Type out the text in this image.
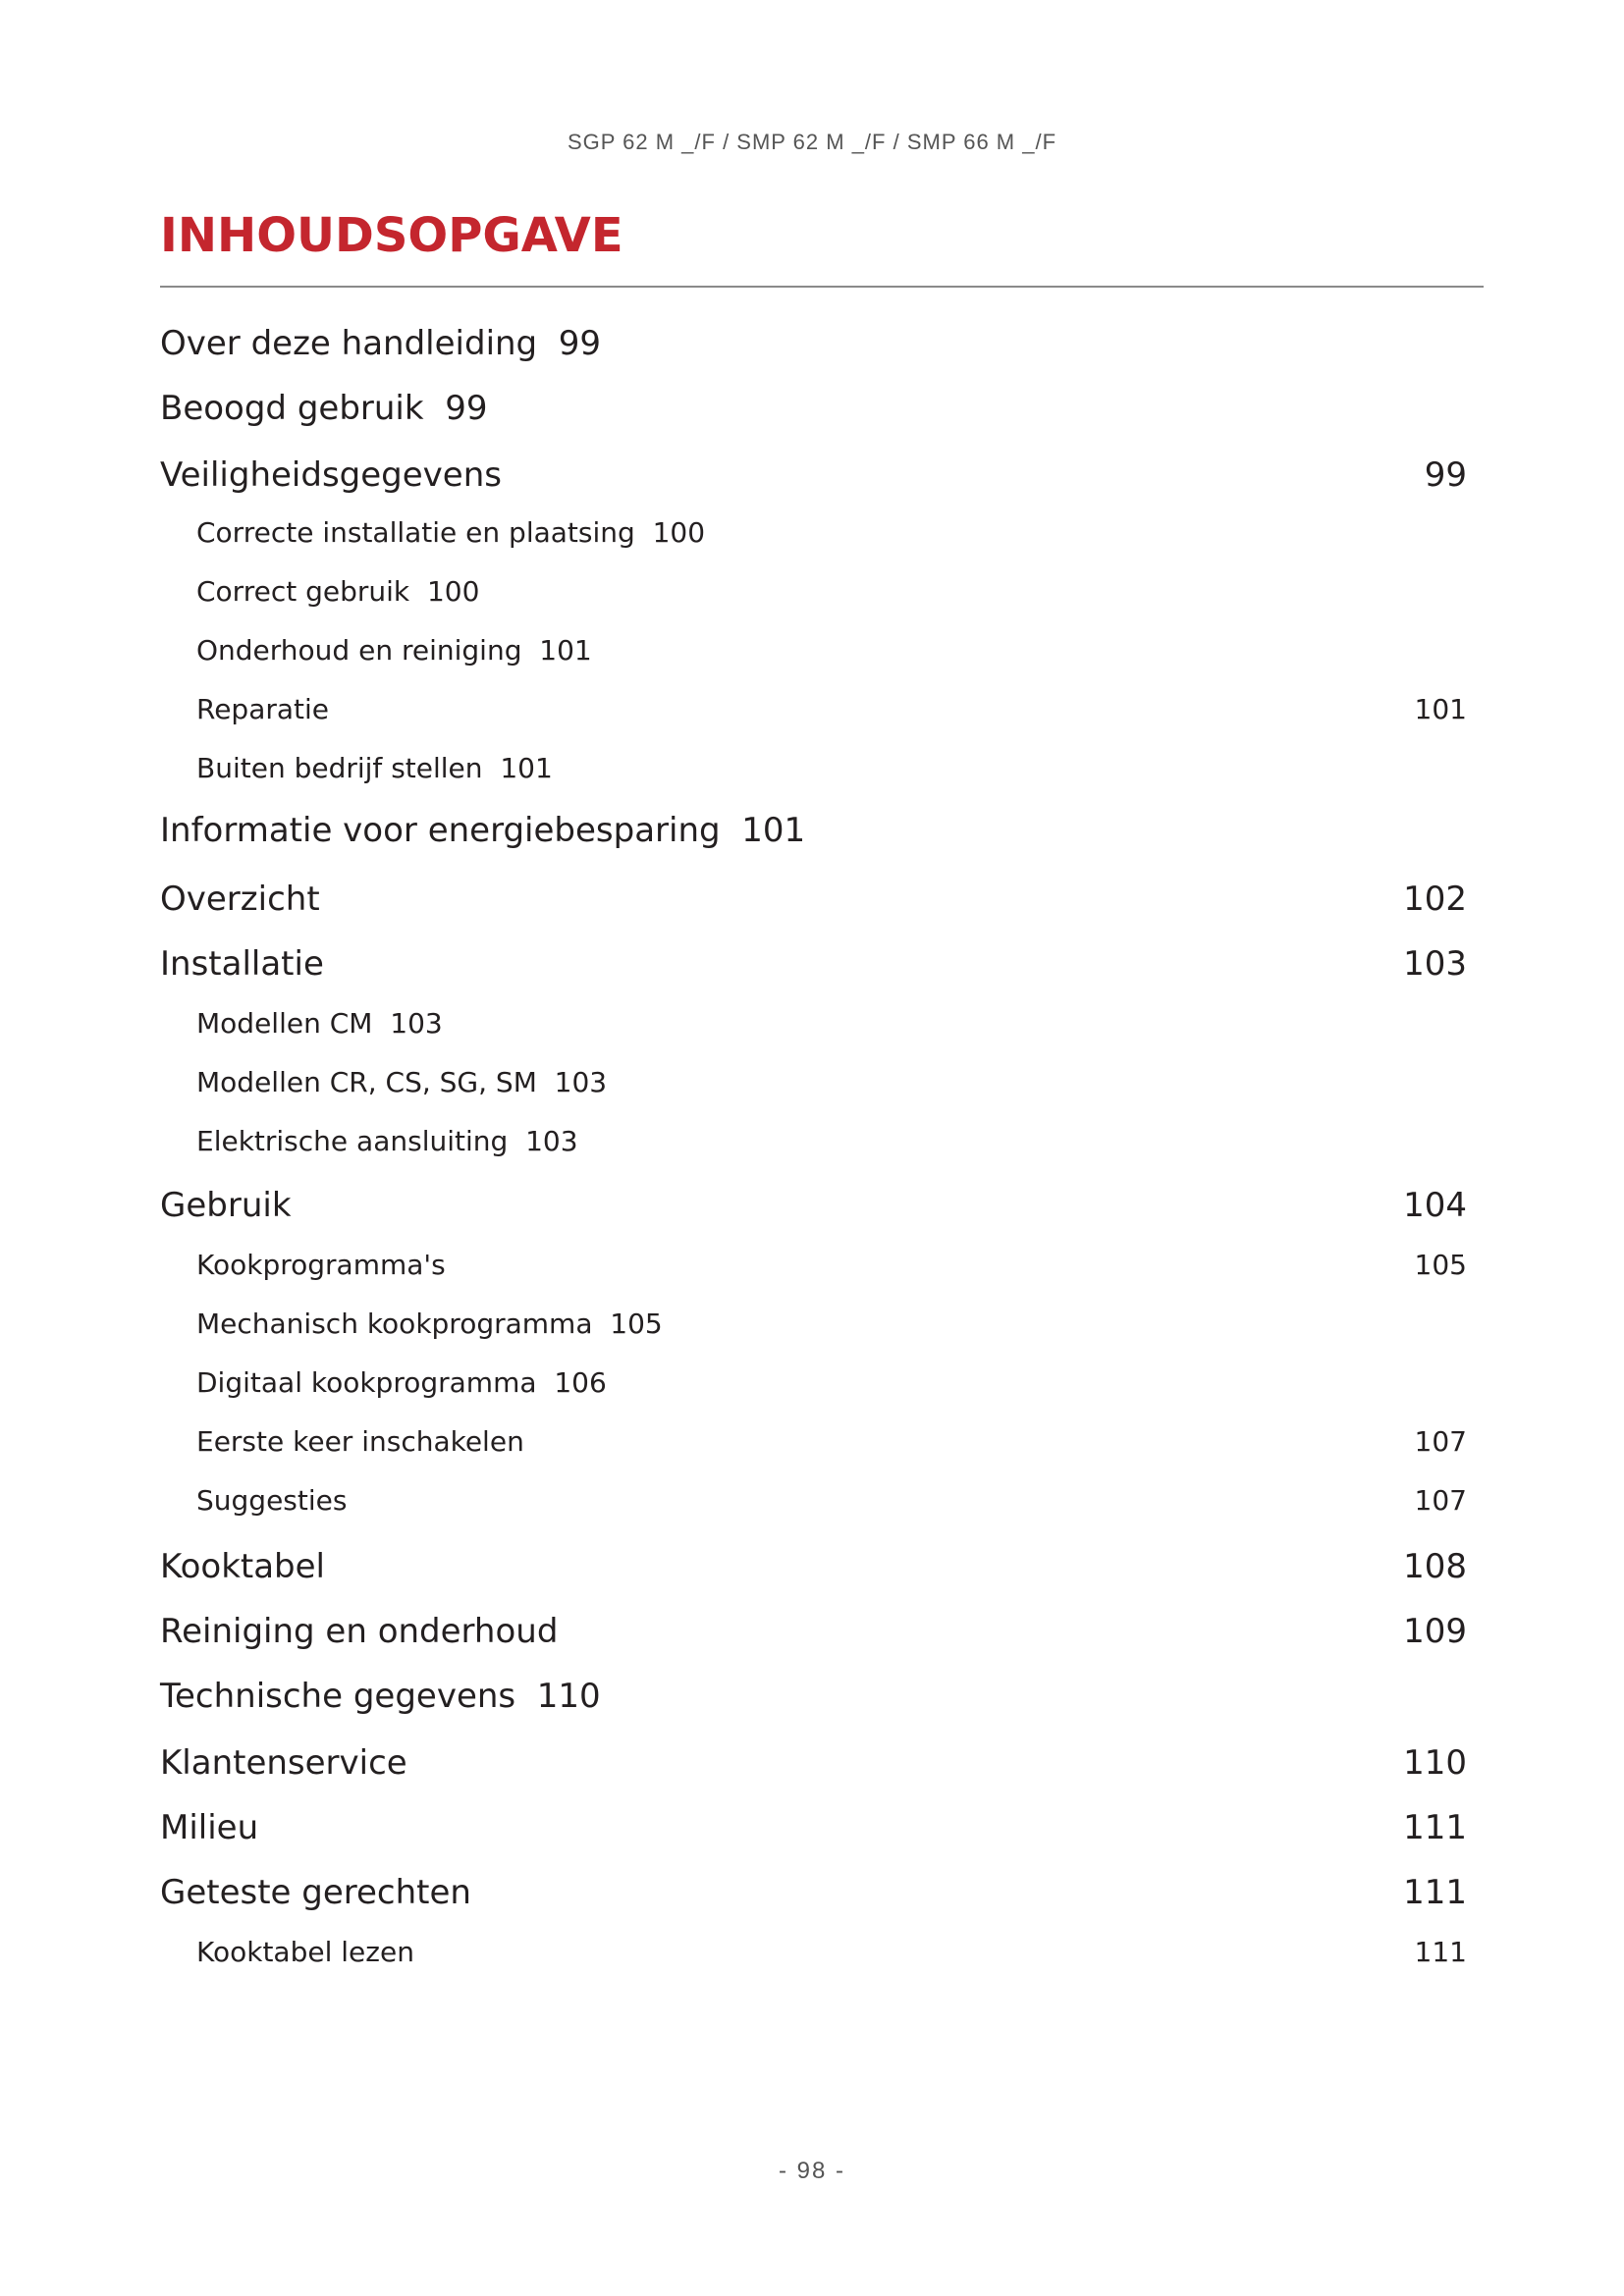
SGP 62 M _/F / SMP 62 M _/F / SMP 66 M _/F
INHOUDSOPGAVE
Over deze handleiding 99
Beoogd gebruik 99
Veiligheidsgegevens	99
Correcte installatie en plaatsing 100
Correct gebruik 100
Onderhoud en reiniging 101
Reparatie	101
Buiten bedrijf stellen 101
Informatie voor energiebesparing 101
Overzicht	102
Installatie	103
Modellen CM 103
Modellen CR, CS, SG, SM 103
Elektrische aansluiting 103
Gebruik	104
Kookprogramma's	105
Mechanisch kookprogramma 105
Digitaal kookprogramma 106
Eerste keer inschakelen	107
Suggesties	107
Kooktabel	108
Reiniging en onderhoud	109
Technische gegevens 110
Klantenservice	110
Milieu	111
Geteste gerechten	111
Kooktabel lezen	111
- 98 -
